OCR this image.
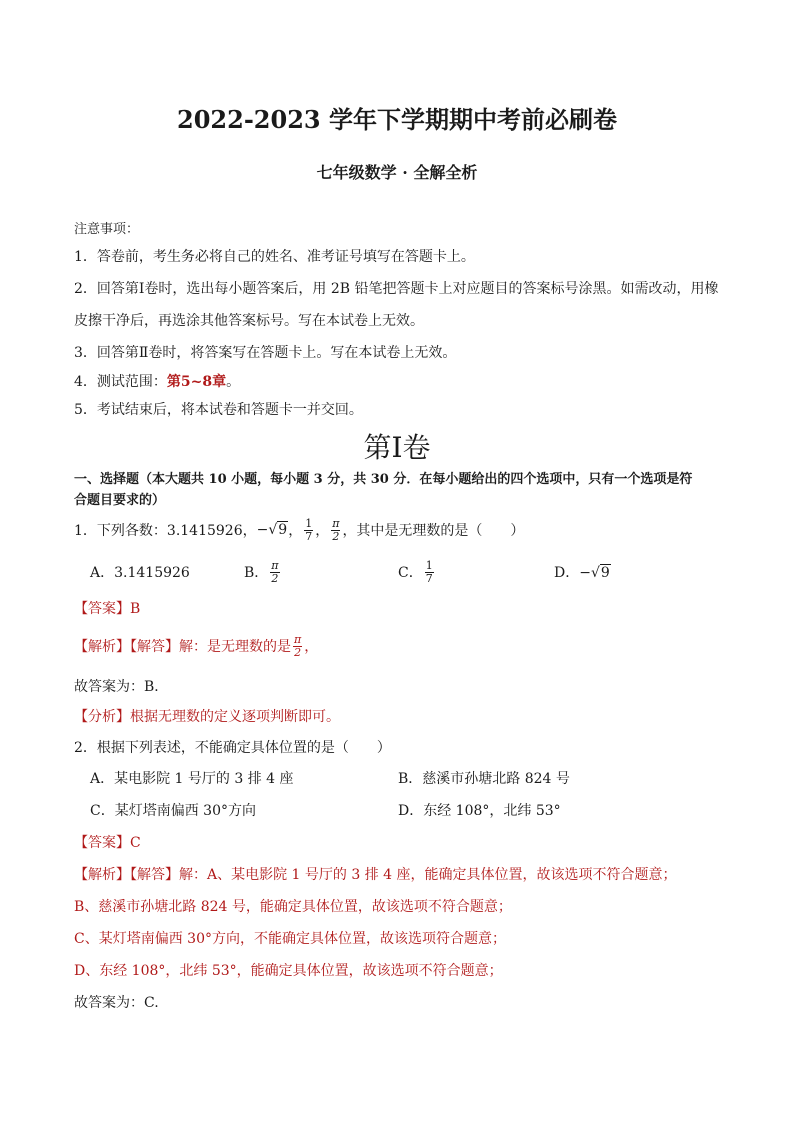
2022-2023 学年下学期期中考前必刷卷
七年级数学 · 全解全析
注意事项：
1．答卷前，考生务必将自己的姓名、准考证号填写在答题卡上。
2．回答第Ⅰ卷时，选出每小题答案后，用 2B 铅笔把答题卡上对应题目的答案标号涂黑。如需改动，用橡
皮擦干净后，再选涂其他答案标号。写在本试卷上无效。
3．回答第Ⅱ卷时，将答案写在答题卡上。写在本试卷上无效。
4．测试范围：第5~8章。
5．考试结束后，将本试卷和答题卡一并交回。
第Ⅰ卷
一、选择题（本大题共 10 小题，每小题 3 分，共 30 分．在每小题给出的四个选项中，只有一个选项是符
合题目要求的）
1．下列各数：3.1415926， −√9 ， $\frac{1}{7}$ ， $\frac{\pi}{2}$ ，其中是无理数的是（　　）
A．3.1415926	B． $\frac{\pi}{2}$	C． $\frac{1}{7}$	D．−√9
【答案】B
【解析】【解答】解：是无理数的是 $\frac{\pi}{2}$ ，
故答案为：B．
【分析】根据无理数的定义逐项判断即可。
2．根据下列表述，不能确定具体位置的是（　　）
A．某电影院 1 号厅的 3 排 4 座	B．慈溪市孙塘北路 824 号
C．某灯塔南偏西 30°方向	D．东经 108°，北纬 53°
【答案】C
【解析】【解答】解：A、某电影院 1 号厅的 3 排 4 座，能确定具体位置，故该选项不符合题意；
B、慈溪市孙塘北路 824 号，能确定具体位置，故该选项不符合题意；
C、某灯塔南偏西 30°方向，不能确定具体位置，故该选项符合题意；
D、东经 108°，北纬 53°，能确定具体位置，故该选项不符合题意；
故答案为：C.
